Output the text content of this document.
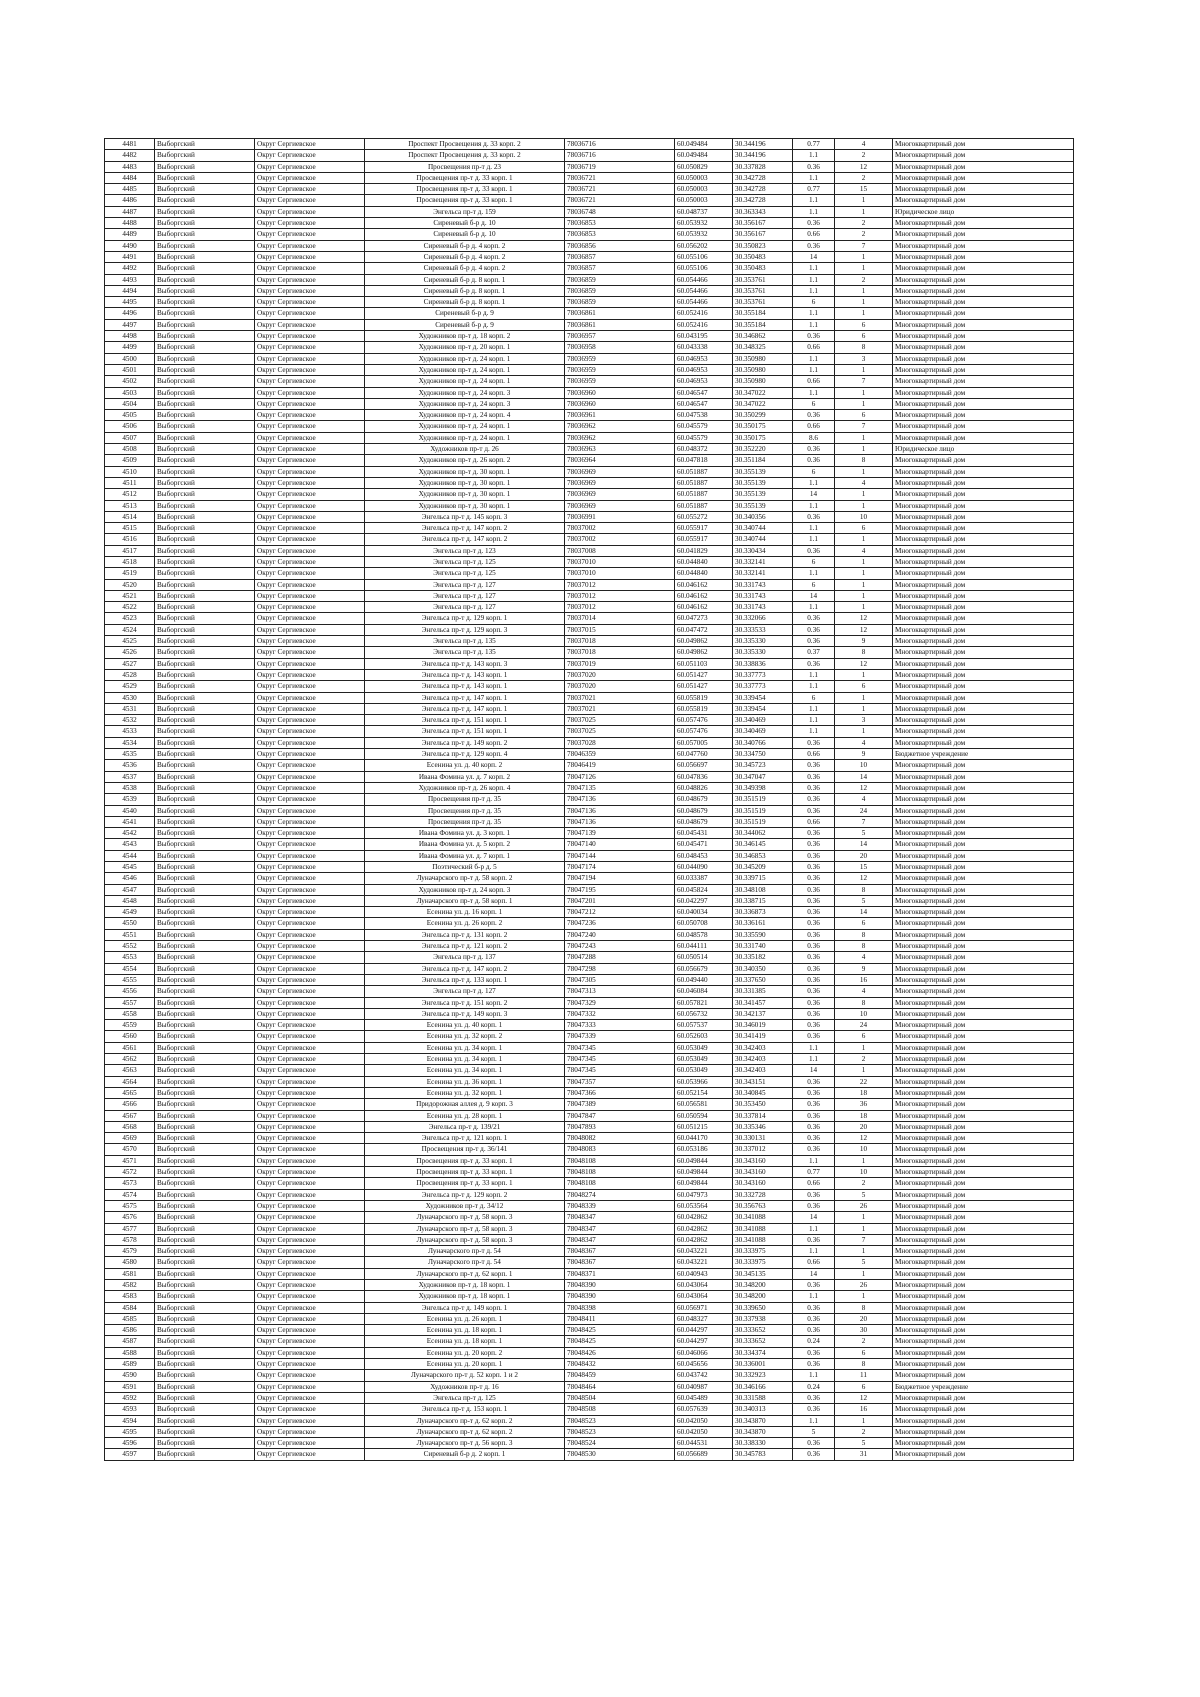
4481	Выборгский	Округ Сергиевское	Проспект Просвещения д. 33 корп. 2	78036716	60.049484	30.344196	0.77	4	Многоквартирный дом
4482	Выборгский	Округ Сергиевское	Проспект Просвещения д. 33 корп. 2	78036716	60.049484	30.344196	1.1	2	Многоквартирный дом
4483	Выборгский	Округ Сергиевское	Просвещения пр-т д. 23	78036719	60.050829	30.337828	0.36	12	Многоквартирный дом
4484	Выборгский	Округ Сергиевское	Просвещения пр-т д. 33 корп. 1	78036721	60.050003	30.342728	1.1	2	Многоквартирный дом
4485	Выборгский	Округ Сергиевское	Просвещения пр-т д. 33 корп. 1	78036721	60.050003	30.342728	0.77	15	Многоквартирный дом
4486	Выборгский	Округ Сергиевское	Просвещения пр-т д. 33 корп. 1	78036721	60.050003	30.342728	1.1	1	Многоквартирный дом
4487	Выборгский	Округ Сергиевское	Энгельса пр-т д. 159	78036748	60.048737	30.363343	1.1	1	Юридическое лицо
4488	Выборгский	Округ Сергиевское	Сиреневый б-р д. 10	78036853	60.053932	30.356167	0.36	2	Многоквартирный дом
4489	Выборгский	Округ Сергиевское	Сиреневый б-р д. 10	78036853	60.053932	30.356167	0.66	2	Многоквартирный дом
4490	Выборгский	Округ Сергиевское	Сиреневый б-р д. 4 корп. 2	78036856	60.056202	30.350823	0.36	7	Многоквартирный дом
4491	Выборгский	Округ Сергиевское	Сиреневый б-р д. 4 корп. 2	78036857	60.055106	30.350483	14	1	Многоквартирный дом
4492	Выборгский	Округ Сергиевское	Сиреневый б-р д. 4 корп. 2	78036857	60.055106	30.350483	1.1	1	Многоквартирный дом
4493	Выборгский	Округ Сергиевское	Сиреневый б-р д. 8 корп. 1	78036859	60.054466	30.353761	1.1	2	Многоквартирный дом
4494	Выборгский	Округ Сергиевское	Сиреневый б-р д. 8 корп. 1	78036859	60.054466	30.353761	1.1	1	Многоквартирный дом
4495	Выборгский	Округ Сергиевское	Сиреневый б-р д. 8 корп. 1	78036859	60.054466	30.353761	6	1	Многоквартирный дом
4496	Выборгский	Округ Сергиевское	Сиреневый б-р д. 9	78036861	60.052416	30.355184	1.1	1	Многоквартирный дом
4497	Выборгский	Округ Сергиевское	Сиреневый б-р д. 9	78036861	60.052416	30.355184	1.1	6	Многоквартирный дом
4498	Выборгский	Округ Сергиевское	Художников пр-т д. 18 корп. 2	78036957	60.043195	30.346862	0.36	6	Многоквартирный дом
4499	Выборгский	Округ Сергиевское	Художников пр-т д. 20 корп. 1	78036958	60.043338	30.348325	0.66	8	Многоквартирный дом
4500	Выборгский	Округ Сергиевское	Художников пр-т д. 24 корп. 1	78036959	60.046953	30.350980	1.1	3	Многоквартирный дом
4501	Выборгский	Округ Сергиевское	Художников пр-т д. 24 корп. 1	78036959	60.046953	30.350980	1.1	1	Многоквартирный дом
4502	Выборгский	Округ Сергиевское	Художников пр-т д. 24 корп. 1	78036959	60.046953	30.350980	0.66	7	Многоквартирный дом
4503	Выборгский	Округ Сергиевское	Художников пр-т д. 24 корп. 3	78036960	60.046547	30.347022	1.1	1	Многоквартирный дом
4504	Выборгский	Округ Сергиевское	Художников пр-т д. 24 корп. 3	78036960	60.046547	30.347022	6	1	Многоквартирный дом
4505	Выборгский	Округ Сергиевское	Художников пр-т д. 24 корп. 4	78036961	60.047538	30.350299	0.36	6	Многоквартирный дом
4506	Выборгский	Округ Сергиевское	Художников пр-т д. 24 корп. 1	78036962	60.045579	30.350175	0.66	7	Многоквартирный дом
4507	Выборгский	Округ Сергиевское	Художников пр-т д. 24 корп. 1	78036962	60.045579	30.350175	8.6	1	Многоквартирный дом
4508	Выборгский	Округ Сергиевское	Художников пр-т д. 26	78036963	60.048372	30.352220	0.36	1	Юридическое лицо
4509	Выборгский	Округ Сергиевское	Художников пр-т д. 26 корп. 2	78036964	60.047818	30.351184	0.36	8	Многоквартирный дом
4510	Выборгский	Округ Сергиевское	Художников пр-т д. 30 корп. 1	78036969	60.051887	30.355139	6	1	Многоквартирный дом
4511	Выборгский	Округ Сергиевское	Художников пр-т д. 30 корп. 1	78036969	60.051887	30.355139	1.1	4	Многоквартирный дом
4512	Выборгский	Округ Сергиевское	Художников пр-т д. 30 корп. 1	78036969	60.051887	30.355139	14	1	Многоквартирный дом
4513	Выборгский	Округ Сергиевское	Художников пр-т д. 30 корп. 1	78036969	60.051887	30.355139	1.1	1	Многоквартирный дом
4514	Выборгский	Округ Сергиевское	Энгельса пр-т д. 145 корп. 3	78036991	60.055272	30.340356	0.36	10	Многоквартирный дом
4515	Выборгский	Округ Сергиевское	Энгельса пр-т д. 147 корп. 2	78037002	60.055917	30.340744	1.1	6	Многоквартирный дом
4516	Выборгский	Округ Сергиевское	Энгельса пр-т д. 147 корп. 2	78037002	60.055917	30.340744	1.1	1	Многоквартирный дом
4517	Выборгский	Округ Сергиевское	Энгельса пр-т д. 123	78037008	60.041829	30.330434	0.36	4	Многоквартирный дом
4518	Выборгский	Округ Сергиевское	Энгельса пр-т д. 125	78037010	60.044840	30.332141	6	1	Многоквартирный дом
4519	Выборгский	Округ Сергиевское	Энгельса пр-т д. 125	78037010	60.044840	30.332141	1.1	1	Многоквартирный дом
4520	Выборгский	Округ Сергиевское	Энгельса пр-т д. 127	78037012	60.046162	30.331743	6	1	Многоквартирный дом
4521	Выборгский	Округ Сергиевское	Энгельса пр-т д. 127	78037012	60.046162	30.331743	14	1	Многоквартирный дом
4522	Выборгский	Округ Сергиевское	Энгельса пр-т д. 127	78037012	60.046162	30.331743	1.1	1	Многоквартирный дом
4523	Выборгский	Округ Сергиевское	Энгельса пр-т д. 129 корп. 1	78037014	60.047273	30.332066	0.36	12	Многоквартирный дом
4524	Выборгский	Округ Сергиевское	Энгельса пр-т д. 129 корп. 3	78037015	60.047472	30.333533	0.36	12	Многоквартирный дом
4525	Выборгский	Округ Сергиевское	Энгельса пр-т д. 135	78037018	60.049862	30.335330	0.36	9	Многоквартирный дом
4526	Выборгский	Округ Сергиевское	Энгельса пр-т д. 135	78037018	60.049862	30.335330	0.37	8	Многоквартирный дом
4527	Выборгский	Округ Сергиевское	Энгельса пр-т д. 143 корп. 3	78037019	60.051103	30.338836	0.36	12	Многоквартирный дом
4528	Выборгский	Округ Сергиевское	Энгельса пр-т д. 143 корп. 1	78037020	60.051427	30.337773	1.1	1	Многоквартирный дом
4529	Выборгский	Округ Сергиевское	Энгельса пр-т д. 143 корп. 1	78037020	60.051427	30.337773	1.1	6	Многоквартирный дом
4530	Выборгский	Округ Сергиевское	Энгельса пр-т д. 147 корп. 1	78037021	60.055819	30.339454	6	1	Многоквартирный дом
4531	Выборгский	Округ Сергиевское	Энгельса пр-т д. 147 корп. 1	78037021	60.055819	30.339454	1.1	1	Многоквартирный дом
4532	Выборгский	Округ Сергиевское	Энгельса пр-т д. 151 корп. 1	78037025	60.057476	30.340469	1.1	3	Многоквартирный дом
4533	Выборгский	Округ Сергиевское	Энгельса пр-т д. 151 корп. 1	78037025	60.057476	30.340469	1.1	1	Многоквартирный дом
4534	Выборгский	Округ Сергиевское	Энгельса пр-т д. 149 корп. 2	78037028	60.057005	30.340766	0.36	4	Многоквартирный дом
4535	Выборгский	Округ Сергиевское	Энгельса пр-т д. 129 корп. 4	78046359	60.047760	30.334750	0.66	9	Бюджетное учреждение
4536	Выборгский	Округ Сергиевское	Есенина ул. д. 40 корп. 2	78046419	60.056697	30.345723	0.36	10	Многоквартирный дом
4537	Выборгский	Округ Сергиевское	Ивана Фомина ул. д. 7 корп. 2	78047126	60.047836	30.347047	0.36	14	Многоквартирный дом
4538	Выборгский	Округ Сергиевское	Художников пр-т д. 26 корп. 4	78047135	60.048826	30.349398	0.36	12	Многоквартирный дом
4539	Выборгский	Округ Сергиевское	Просвещения пр-т д. 35	78047136	60.048679	30.351519	0.36	4	Многоквартирный дом
4540	Выборгский	Округ Сергиевское	Просвещения пр-т д. 35	78047136	60.048679	30.351519	0.36	24	Многоквартирный дом
4541	Выборгский	Округ Сергиевское	Просвещения пр-т д. 35	78047136	60.048679	30.351519	0.66	7	Многоквартирный дом
4542	Выборгский	Округ Сергиевское	Ивана Фомина ул. д. 3 корп. 1	78047139	60.045431	30.344062	0.36	5	Многоквартирный дом
4543	Выборгский	Округ Сергиевское	Ивана Фомина ул. д. 5 корп. 2	78047140	60.045471	30.346145	0.36	14	Многоквартирный дом
4544	Выборгский	Округ Сергиевское	Ивана Фомина ул. д. 7 корп. 1	78047144	60.048453	30.346853	0.36	20	Многоквартирный дом
4545	Выборгский	Округ Сергиевское	Поэтический б-р д. 5	78047174	60.044090	30.345209	0.36	15	Многоквартирный дом
4546	Выборгский	Округ Сергиевское	Луначарского пр-т д. 58 корп. 2	78047194	60.033387	30.339715	0.36	12	Многоквартирный дом
4547	Выборгский	Округ Сергиевское	Художников пр-т д. 24 корп. 3	78047195	60.045824	30.348108	0.36	8	Многоквартирный дом
4548	Выборгский	Округ Сергиевское	Луначарского пр-т д. 58 корп. 1	78047201	60.042297	30.338715	0.36	5	Многоквартирный дом
4549	Выборгский	Округ Сергиевское	Есенина ул. д. 16 корп. 1	78047212	60.040034	30.336873	0.36	14	Многоквартирный дом
4550	Выборгский	Округ Сергиевское	Есенина ул. д. 26 корп. 2	78047236	60.050708	30.336161	0.36	6	Многоквартирный дом
4551	Выборгский	Округ Сергиевское	Энгельса пр-т д. 131 корп. 2	78047240	60.048578	30.335590	0.36	8	Многоквартирный дом
4552	Выборгский	Округ Сергиевское	Энгельса пр-т д. 121 корп. 2	78047243	60.044111	30.331740	0.36	8	Многоквартирный дом
4553	Выборгский	Округ Сергиевское	Энгельса пр-т д. 137	78047288	60.050514	30.335182	0.36	4	Многоквартирный дом
4554	Выборгский	Округ Сергиевское	Энгельса пр-т д. 147 корп. 2	78047298	60.056679	30.340350	0.36	9	Многоквартирный дом
4555	Выборгский	Округ Сергиевское	Энгельса пр-т д. 133 корп. 1	78047305	60.049440	30.337650	0.36	16	Многоквартирный дом
4556	Выборгский	Округ Сергиевское	Энгельса пр-т д. 127	78047313	60.046084	30.331385	0.36	4	Многоквартирный дом
4557	Выборгский	Округ Сергиевское	Энгельса пр-т д. 151 корп. 2	78047329	60.057821	30.341457	0.36	8	Многоквартирный дом
4558	Выборгский	Округ Сергиевское	Энгельса пр-т д. 149 корп. 3	78047332	60.056732	30.342137	0.36	10	Многоквартирный дом
4559	Выборгский	Округ Сергиевское	Есенина ул. д. 40 корп. 1	78047333	60.057537	30.346019	0.36	24	Многоквартирный дом
4560	Выборгский	Округ Сергиевское	Есенина ул. д. 32 корп. 2	78047339	60.052603	30.341419	0.36	6	Многоквартирный дом
4561	Выборгский	Округ Сергиевское	Есенина ул. д. 34 корп. 1	78047345	60.053049	30.342403	1.1	1	Многоквартирный дом
4562	Выборгский	Округ Сергиевское	Есенина ул. д. 34 корп. 1	78047345	60.053049	30.342403	1.1	2	Многоквартирный дом
4563	Выборгский	Округ Сергиевское	Есенина ул. д. 34 корп. 1	78047345	60.053049	30.342403	14	1	Многоквартирный дом
4564	Выборгский	Округ Сергиевское	Есенина ул. д. 36 корп. 1	78047357	60.053966	30.343151	0.36	22	Многоквартирный дом
4565	Выборгский	Округ Сергиевское	Есенина ул. д. 32 корп. 1	78047366	60.052154	30.340845	0.36	18	Многоквартирный дом
4566	Выборгский	Округ Сергиевское	Придорожная аллея д. 9 корп. 3	78047389	60.056581	30.353450	0.36	36	Многоквартирный дом
4567	Выборгский	Округ Сергиевское	Есенина ул. д. 28 корп. 1	78047847	60.050594	30.337814	0.36	18	Многоквартирный дом
4568	Выборгский	Округ Сергиевское	Энгельса пр-т д. 139/21	78047893	60.051215	30.335346	0.36	20	Многоквартирный дом
4569	Выборгский	Округ Сергиевское	Энгельса пр-т д. 121 корп. 1	78048082	60.044170	30.330131	0.36	12	Многоквартирный дом
4570	Выборгский	Округ Сергиевское	Просвещения пр-т д. 36/141	78048083	60.053186	30.337012	0.36	10	Многоквартирный дом
4571	Выборгский	Округ Сергиевское	Просвещения пр-т д. 33 корп. 1	78048108	60.049844	30.343160	1.1	1	Многоквартирный дом
4572	Выборгский	Округ Сергиевское	Просвещения пр-т д. 33 корп. 1	78048108	60.049844	30.343160	0.77	10	Многоквартирный дом
4573	Выборгский	Округ Сергиевское	Просвещения пр-т д. 33 корп. 1	78048108	60.049844	30.343160	0.66	2	Многоквартирный дом
4574	Выборгский	Округ Сергиевское	Энгельса пр-т д. 129 корп. 2	78048274	60.047973	30.332728	0.36	5	Многоквартирный дом
4575	Выборгский	Округ Сергиевское	Художников пр-т д. 34/12	78048339	60.053564	30.356763	0.36	26	Многоквартирный дом
4576	Выборгский	Округ Сергиевское	Луначарского пр-т д. 58 корп. 3	78048347	60.042862	30.341088	14	1	Многоквартирный дом
4577	Выборгский	Округ Сергиевское	Луначарского пр-т д. 58 корп. 3	78048347	60.042862	30.341088	1.1	1	Многоквартирный дом
4578	Выборгский	Округ Сергиевское	Луначарского пр-т д. 58 корп. 3	78048347	60.042862	30.341088	0.36	7	Многоквартирный дом
4579	Выборгский	Округ Сергиевское	Луначарского пр-т д. 54	78048367	60.043221	30.333975	1.1	1	Многоквартирный дом
4580	Выборгский	Округ Сергиевское	Луначарского пр-т д. 54	78048367	60.043221	30.333975	0.66	5	Многоквартирный дом
4581	Выборгский	Округ Сергиевское	Луначарского пр-т д. 62 корп. 1	78048371	60.040943	30.345135	14	1	Многоквартирный дом
4582	Выборгский	Округ Сергиевское	Художников пр-т д. 18 корп. 1	78048390	60.043064	30.348200	0.36	26	Многоквартирный дом
4583	Выборгский	Округ Сергиевское	Художников пр-т д. 18 корп. 1	78048390	60.043064	30.348200	1.1	1	Многоквартирный дом
4584	Выборгский	Округ Сергиевское	Энгельса пр-т д. 149 корп. 1	78048398	60.056971	30.339650	0.36	8	Многоквартирный дом
4585	Выборгский	Округ Сергиевское	Есенина ул. д. 26 корп. 1	78048411	60.048327	30.337938	0.36	20	Многоквартирный дом
4586	Выборгский	Округ Сергиевское	Есенина ул. д. 18 корп. 1	78048425	60.044297	30.333652	0.36	30	Многоквартирный дом
4587	Выборгский	Округ Сергиевское	Есенина ул. д. 18 корп. 1	78048425	60.044297	30.333652	0.24	2	Многоквартирный дом
4588	Выборгский	Округ Сергиевское	Есенина ул. д. 20 корп. 2	78048426	60.046066	30.334374	0.36	6	Многоквартирный дом
4589	Выборгский	Округ Сергиевское	Есенина ул. д. 20 корп. 1	78048432	60.045656	30.336001	0.36	8	Многоквартирный дом
4590	Выборгский	Округ Сергиевское	Луначарского пр-т д. 52 корп. 1 и 2	78048459	60.043742	30.332923	1.1	11	Многоквартирный дом
4591	Выборгский	Округ Сергиевское	Художников пр-т д. 16	78048464	60.040987	30.346166	0.24	6	Бюджетное учреждение
4592	Выборгский	Округ Сергиевское	Энгельса пр-т д. 125	78048504	60.045489	30.331588	0.36	12	Многоквартирный дом
4593	Выборгский	Округ Сергиевское	Энгельса пр-т д. 153 корп. 1	78048508	60.057639	30.340313	0.36	16	Многоквартирный дом
4594	Выборгский	Округ Сергиевское	Луначарского пр-т д. 62 корп. 2	78048523	60.042050	30.343870	1.1	1	Многоквартирный дом
4595	Выборгский	Округ Сергиевское	Луначарского пр-т д. 62 корп. 2	78048523	60.042050	30.343870	5	2	Многоквартирный дом
4596	Выборгский	Округ Сергиевское	Луначарского пр-т д. 56 корп. 3	78048524	60.044531	30.338330	0.36	5	Многоквартирный дом
4597	Выборгский	Округ Сергиевское	Сиреневый б-р д. 2 корп. 1	78048530	60.056689	30.345783	0.36	31	Многоквартирный дом
